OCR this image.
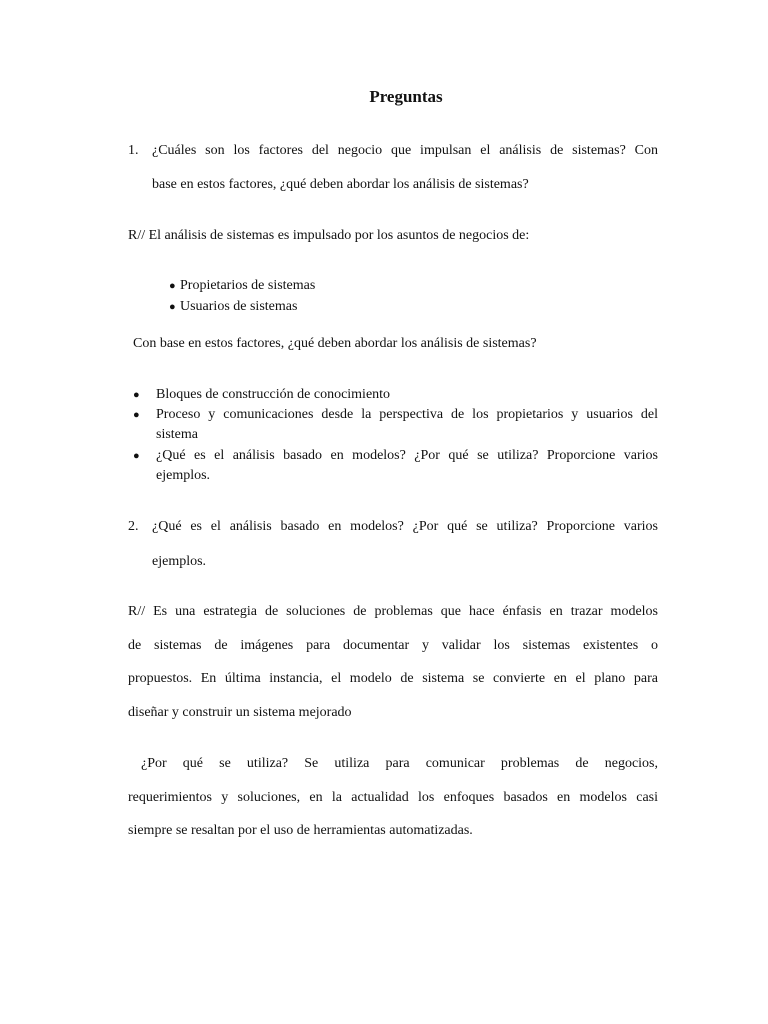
Preguntas
1. ¿Cuáles son los factores del negocio que impulsan el análisis de sistemas? Con
base en estos factores, ¿qué deben abordar los análisis de sistemas?
R// El análisis de sistemas es impulsado por los asuntos de negocios de:
● Propietarios de sistemas
● Usuarios de sistemas
Con base en estos factores, ¿qué deben abordar los análisis de sistemas?
● Bloques de construcción de conocimiento
● Proceso y comunicaciones desde la perspectiva de los propietarios y usuarios del
sistema
● ¿Qué es el análisis basado en modelos? ¿Por qué se utiliza? Proporcione varios
ejemplos.
2. ¿Qué es el análisis basado en modelos? ¿Por qué se utiliza? Proporcione varios
ejemplos.
R// Es una estrategia de soluciones de problemas que hace énfasis en trazar modelos
de sistemas de imágenes para documentar y validar los sistemas existentes o
propuestos. En última instancia, el modelo de sistema se convierte en el plano para
diseñar y construir un sistema mejorado
¿Por qué se utiliza? Se utiliza para comunicar problemas de negocios,
requerimientos y soluciones, en la actualidad los enfoques basados en modelos casi
siempre se resaltan por el uso de herramientas automatizadas.
